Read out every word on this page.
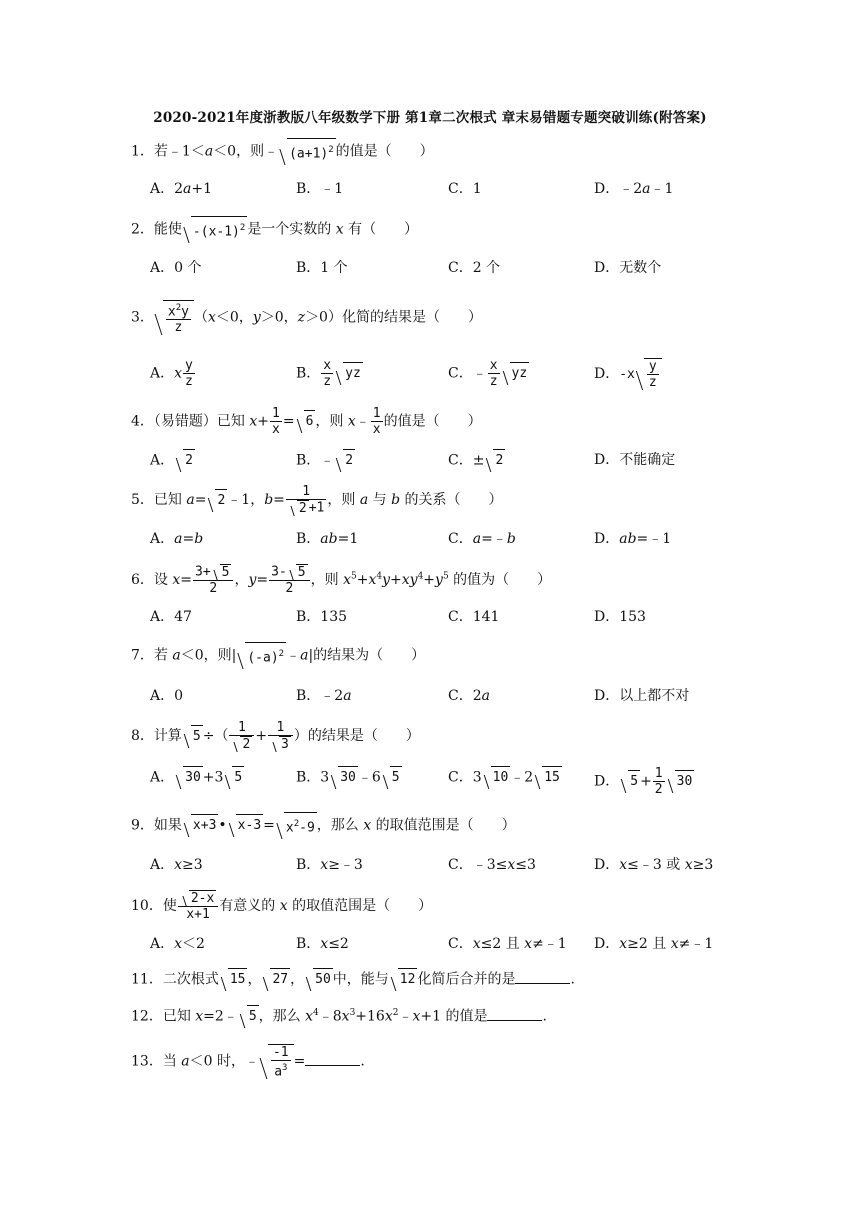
2020-2021年度浙教版八年级数学下册 第1章二次根式 章末易错题专题突破训练(附答案)
1．若﹣1＜a＜0，则﹣ $(a+1)^2$ 的值是（　　）
A．2a+1	B．﹣1	C．1	D．﹣2a﹣1
2．能使 $-(x-1)^2$ 是一个实数的 x 有（　　）
A．0 个	B．1 个	C．2 个	D．无数个
3． $\frac{x^2y}{z} (x<0$，y＞0，z＞0）化简的结果是（　　）
A．x $\frac{y}{z}$	B． $\frac{x}{z}$ yz	C．﹣ $\frac{x}{z}$ yz	D．$-x \frac{y}{z}$
4．（易错题）已知 $x+ \frac{1}{x} = 6$ ，则 x﹣ $\frac{1}{x}$ 的值是（　　）
A． 2	B．﹣ 2	C．± 2	D．不能确定
5．已知 a= 2 ﹣1，$b= \frac{1}{2 +1}$ ，则 a 与 b 的关系（　　）
A．a=b	B．ab=1	C．a=﹣b	D．ab=﹣1
6．设 $x= \frac{3+ 5}{2}$ ，$y= \frac{3- 5}{2}$ ，则 $x^5+x^4y+xy^4+y^5$ 的值为（　　）
A．47	B．135	C．141	D．153
7．若 a＜0，则| $(-a)^2$ ﹣a|的结果为（　　）
A．0	B．﹣2a	C．2a	D．以上都不对
8．计算 5 ÷（ $\frac{1}{2} + \frac{1}{3}$ ）的结果是（　　）
A． 30 +3 5	B．3 30 ﹣6 5	C．3 10 ﹣2 15 D． $5 + \frac{1}{2} 30$
9．如果 x+3 • $x-3 = x^2-9$ ，那么 x 的取值范围是（　　）
A．x≥3	B．x≥﹣3	C．﹣3≤x≤3	D．x≤﹣3 或 x≥3
10．使 $\frac{2-x}{x+1}$ 有意义的 x 的取值范围是（　　）
A．x＜2	B．x≤2	C．x≤2 且 x≠﹣1 D．x≥2 且 x≠﹣1
11．二次根式 15 ， 27 ， 50 中，能与 12 化简后合并的是	.
12．已知 x=2﹣ 5 ，那么 $x^4﹣8x^3+16x^2﹣x+1$ 的值是	.
13．当 a＜0 时，﹣ $\frac{-1}{a^3}$ =	.
